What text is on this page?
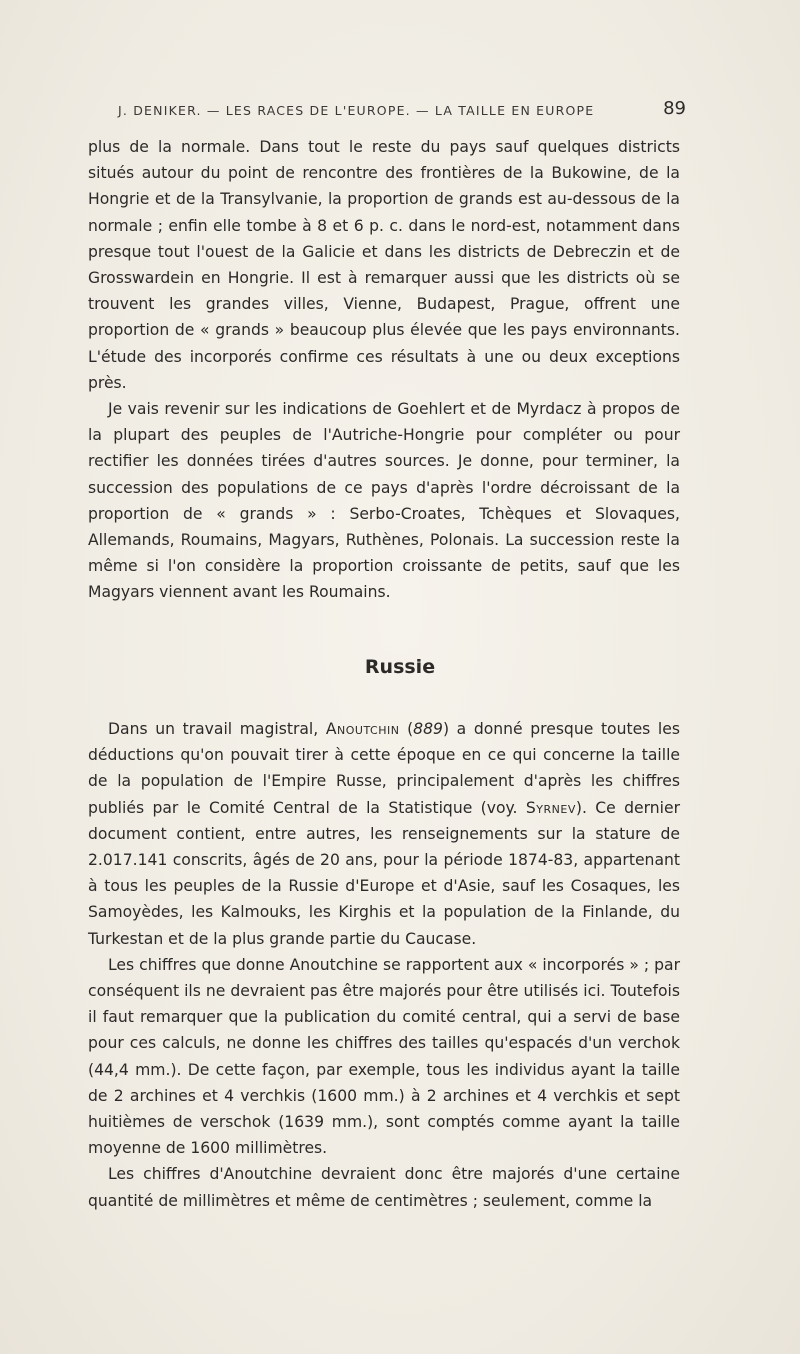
J. DENIKER. — LES RACES DE L'EUROPE. — LA TAILLE EN EUROPE	89

plus de la normale. Dans tout le reste du pays sauf quelques districts situés autour du point de rencontre des frontières de la Bukowine, de la Hongrie et de la Transylvanie, la proportion de grands est au-dessous de la normale ; enfin elle tombe à 8 et 6 p. c. dans le nord-est, notamment dans presque tout l'ouest de la Galicie et dans les districts de Debreczin et de Grosswardein en Hongrie. Il est à remarquer aussi que les districts où se trouvent les grandes villes, Vienne, Budapest, Prague, offrent une proportion de « grands » beaucoup plus élevée que les pays environnants. L'étude des incorporés confirme ces résultats à une ou deux exceptions près.

Je vais revenir sur les indications de Goehlert et de Myrdacz à propos de la plupart des peuples de l'Autriche-Hongrie pour compléter ou pour rectifier les données tirées d'autres sources. Je donne, pour terminer, la succession des populations de ce pays d'après l'ordre décroissant de la proportion de « grands » : Serbo-Croates, Tchèques et Slovaques, Allemands, Roumains, Magyars, Ruthènes, Polonais. La succession reste la même si l'on considère la proportion croissante de petits, sauf que les Magyars viennent avant les Roumains.

Russie

Dans un travail magistral, Anoutchin (889) a donné presque toutes les déductions qu'on pouvait tirer à cette époque en ce qui concerne la taille de la population de l'Empire Russe, principalement d'après les chiffres publiés par le Comité Central de la Statistique (voy. Syrnev). Ce dernier document contient, entre autres, les renseignements sur la stature de 2.017.141 conscrits, âgés de 20 ans, pour la période 1874-83, appartenant à tous les peuples de la Russie d'Europe et d'Asie, sauf les Cosaques, les Samoyèdes, les Kalmouks, les Kirghis et la population de la Finlande, du Turkestan et de la plus grande partie du Caucase.

Les chiffres que donne Anoutchine se rapportent aux « incorporés » ; par conséquent ils ne devraient pas être majorés pour être utilisés ici. Toutefois il faut remarquer que la publication du comité central, qui a servi de base pour ces calculs, ne donne les chiffres des tailles qu'espacés d'un verchok (44,4 mm.). De cette façon, par exemple, tous les individus ayant la taille de 2 archines et 4 verchkis (1600 mm.) à 2 archines et 4 verchkis et sept huitièmes de verschok (1639 mm.), sont comptés comme ayant la taille moyenne de 1600 millimètres.

Les chiffres d'Anoutchine devraient donc être majorés d'une certaine quantité de millimètres et même de centimètres ; seulement, comme la
